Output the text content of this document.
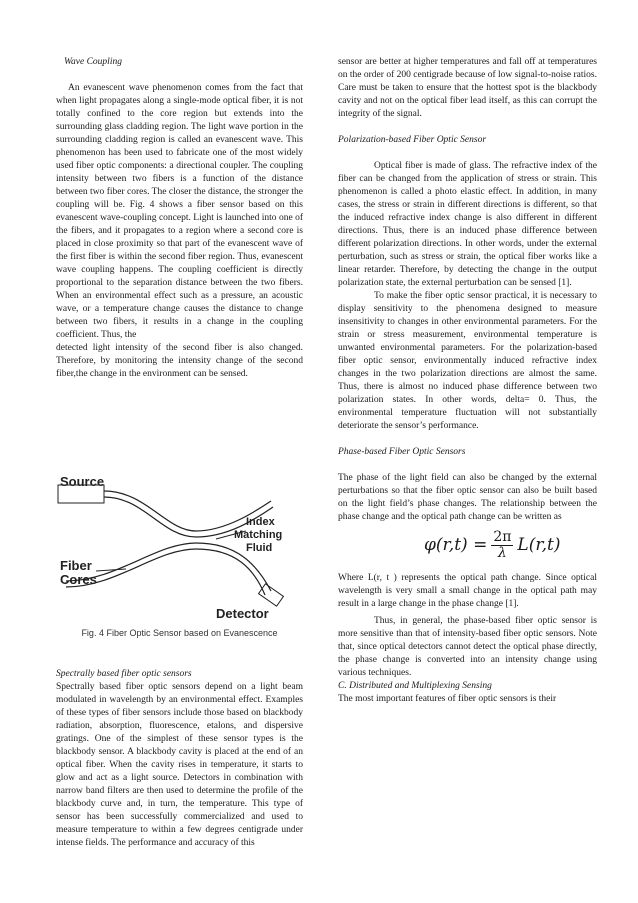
Wave Coupling

An evanescent wave phenomenon comes from the fact that when light propagates along a single-mode optical fiber, it is not totally confined to the core region but extends into the surrounding glass cladding region. The light wave portion in the surrounding cladding region is called an evanescent wave. This phenomenon has been used to fabricate one of the most widely used fiber optic components: a directional coupler. The coupling intensity between two fibers is a function of the distance between two fiber cores. The closer the distance, the stronger the coupling will be. Fig. 4 shows a fiber sensor based on this evanescent wave-coupling concept. Light is launched into one of the fibers, and it propagates to a region where a second core is placed in close proximity so that part of the evanescent wave of the first fiber is within the second fiber region. Thus, evanescent wave coupling happens. The coupling coefficient is directly proportional to the separation distance between the two fibers. When an environmental effect such as a pressure, an acoustic wave, or a temperature change causes the distance to change between two fibers, it results in a change in the coupling coefficient. Thus, the

detected light intensity of the second fiber is also changed. Therefore, by monitoring the intensity change of the second fiber,the change in the environment can be sensed.

Source
Index
Matching
Fluid
Fiber
Cores
Detector
Fig. 4 Fiber Optic Sensor based on Evanescence

Spectrally based fiber optic sensors

Spectrally based fiber optic sensors depend on a light beam modulated in wavelength by an environmental effect. Examples of these types of fiber sensors include those based on blackbody radiation, absorption, fluorescence, etalons, and dispersive gratings. One of the simplest of these sensor types is the blackbody sensor. A blackbody cavity is placed at the end of an optical fiber. When the cavity rises in temperature, it starts to glow and act as a light source. Detectors in combination with narrow band filters are then used to determine the profile of the blackbody curve and, in turn, the temperature. This type of sensor has been successfully commercialized and used to measure temperature to within a few degrees centigrade under intense fields. The performance and accuracy of this

sensor are better at higher temperatures and fall off at temperatures on the order of 200 centigrade because of low signal-to-noise ratios. Care must be taken to ensure that the hottest spot is the blackbody cavity and not on the optical fiber lead itself, as this can corrupt the integrity of the signal.

Polarization-based Fiber Optic Sensor

Optical fiber is made of glass. The refractive index of the fiber can be changed from the application of stress or strain. This phenomenon is called a photo elastic effect. In addition, in many cases, the stress or strain in different directions is different, so that the induced refractive index change is also different in different directions. Thus, there is an induced phase difference between different polarization directions. In other words, under the external perturbation, such as stress or strain, the optical fiber works like a linear retarder. Therefore, by detecting the change in the output polarization state, the external perturbation can be sensed [1].

To make the fiber optic sensor practical, it is necessary to display sensitivity to the phenomena designed to measure insensitivity to changes in other environmental parameters. For the strain or stress measurement, environmental temperature is unwanted environmental parameters. For the polarization-based fiber optic sensor, environmentally induced refractive index changes in the two polarization directions are almost the same. Thus, there is almost no induced phase difference between two polarization states. In other words, delta= 0. Thus, the environmental temperature fluctuation will not substantially deteriorate the sensor’s performance.

Phase-based Fiber Optic Sensors

The phase of the light field can also be changed by the external perturbations so that the fiber optic sensor can also be built based on the light field’s phase changes. The relationship between the phase change and the optical path change can be written as

$\varphi(r,t) = \frac{2\pi}{\lambda} L(r,t)$

Where L(r, t ) represents the optical path change. Since optical wavelength is very small a small change in the optical path may result in a large change in the phase change [1].

Thus, in general, the phase-based fiber optic sensor is more sensitive than that of intensity-based fiber optic sensors. Note that, since optical detectors cannot detect the optical phase directly, the phase change is converted into an intensity change using various techniques.

C. Distributed and Multiplexing Sensing

The most important features of fiber optic sensors is their
